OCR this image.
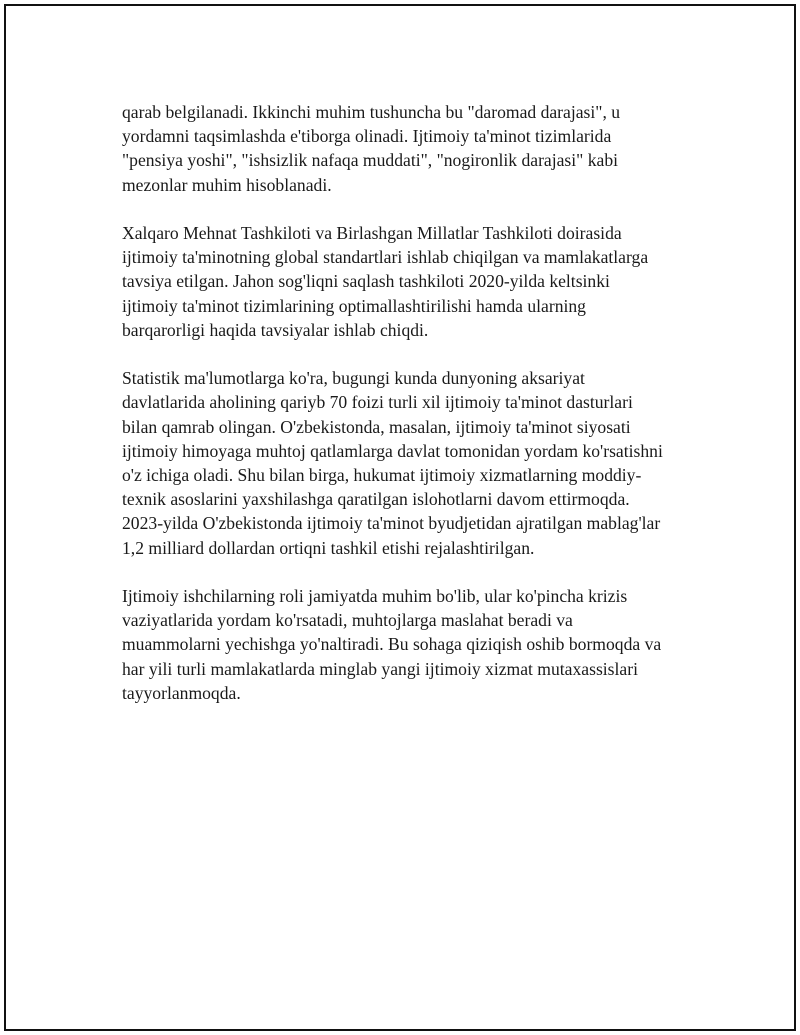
qarab belgilanadi. Ikkinchi muhim tushuncha bu "daromad darajasi", u
yordamni taqsimlashda e'tiborga olinadi. Ijtimoiy ta'minot tizimlarida
"pensiya yoshi", "ishsizlik nafaqa muddati", "nogironlik darajasi" kabi
mezonlar muhim hisoblanadi.

Xalqaro Mehnat Tashkiloti va Birlashgan Millatlar Tashkiloti doirasida
ijtimoiy ta'minotning global standartlari ishlab chiqilgan va mamlakatlarga
tavsiya etilgan. Jahon sog'liqni saqlash tashkiloti 2020-yilda keltsinki
ijtimoiy ta'minot tizimlarining optimallashtirilishi hamda ularning
barqarorligi haqida tavsiyalar ishlab chiqdi.

Statistik ma'lumotlarga ko'ra, bugungi kunda dunyoning aksariyat
davlatlarida aholining qariyb 70 foizi turli xil ijtimoiy ta'minot dasturlari
bilan qamrab olingan. O'zbekistonda, masalan, ijtimoiy ta'minot siyosati
ijtimoiy himoyaga muhtoj qatlamlarga davlat tomonidan yordam ko'rsatishni
o'z ichiga oladi. Shu bilan birga, hukumat ijtimoiy xizmatlarning moddiy-
texnik asoslarini yaxshilashga qaratilgan islohotlarni davom ettirmoqda.
2023-yilda O'zbekistonda ijtimoiy ta'minot byudjetidan ajratilgan mablag'lar
1,2 milliard dollardan ortiqni tashkil etishi rejalashtirilgan.

Ijtimoiy ishchilarning roli jamiyatda muhim bo'lib, ular ko'pincha krizis
vaziyatlarida yordam ko'rsatadi, muhtojlarga maslahat beradi va
muammolarni yechishga yo'naltiradi. Bu sohaga qiziqish oshib bormoqda va
har yili turli mamlakatlarda minglab yangi ijtimoiy xizmat mutaxassislari
tayyorlanmoqda.
